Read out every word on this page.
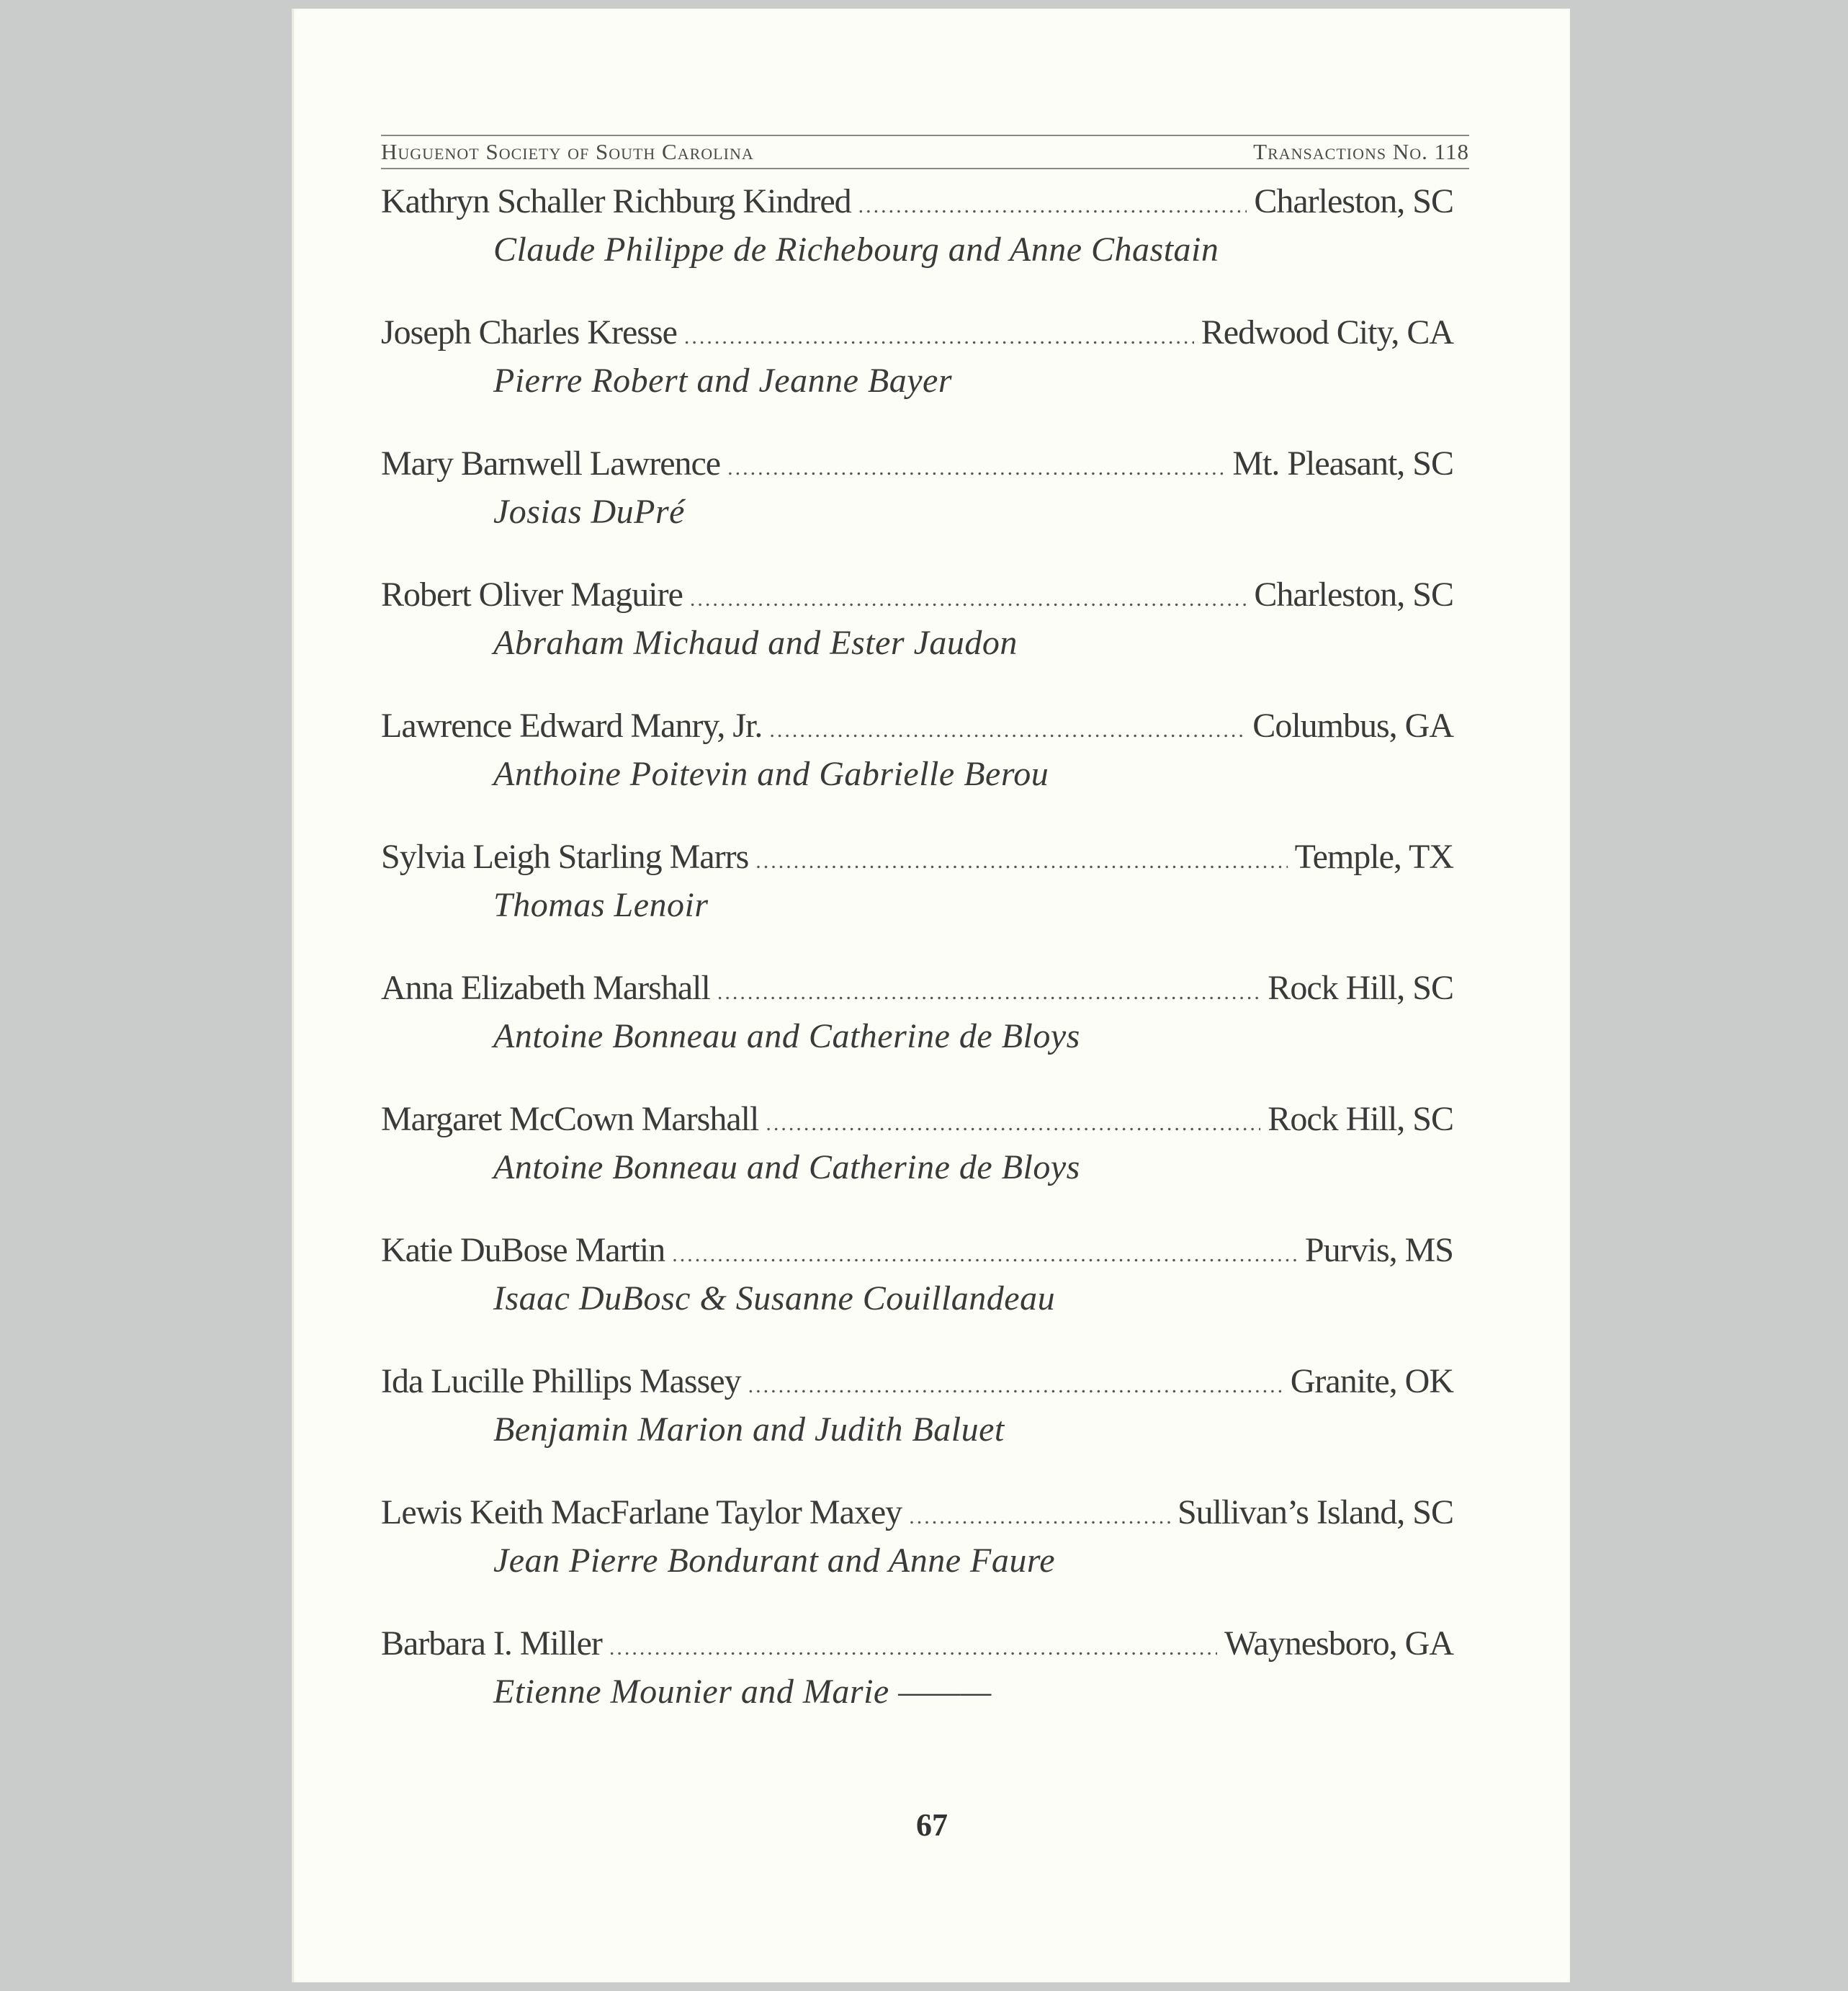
Huguenot Society of South Carolina	Transactions No. 118
Kathryn Schaller Richburg Kindred .....	Charleston, SC
Claude Philippe de Richebourg and Anne Chastain
Joseph Charles Kresse .....	Redwood City, CA
Pierre Robert and Jeanne Bayer
Mary Barnwell Lawrence .....	Mt. Pleasant, SC
Josias DuPré
Robert Oliver Maguire .....	Charleston, SC
Abraham Michaud and Ester Jaudon
Lawrence Edward Manry, Jr. .....	Columbus, GA
Anthoine Poitevin and Gabrielle Berou
Sylvia Leigh Starling Marrs .....	Temple, TX
Thomas Lenoir
Anna Elizabeth Marshall .....	Rock Hill, SC
Antoine Bonneau and Catherine de Bloys
Margaret McCown Marshall .....	Rock Hill, SC
Antoine Bonneau and Catherine de Bloys
Katie DuBose Martin .....	Purvis, MS
Isaac DuBosc & Susanne Couillandeau
Ida Lucille Phillips Massey .....	Granite, OK
Benjamin Marion and Judith Baluet
Lewis Keith MacFarlane Taylor Maxey .....	Sullivan’s Island, SC
Jean Pierre Bondurant and Anne Faure
Barbara I. Miller .....	Waynesboro, GA
Etienne Mounier and Marie ———
67
